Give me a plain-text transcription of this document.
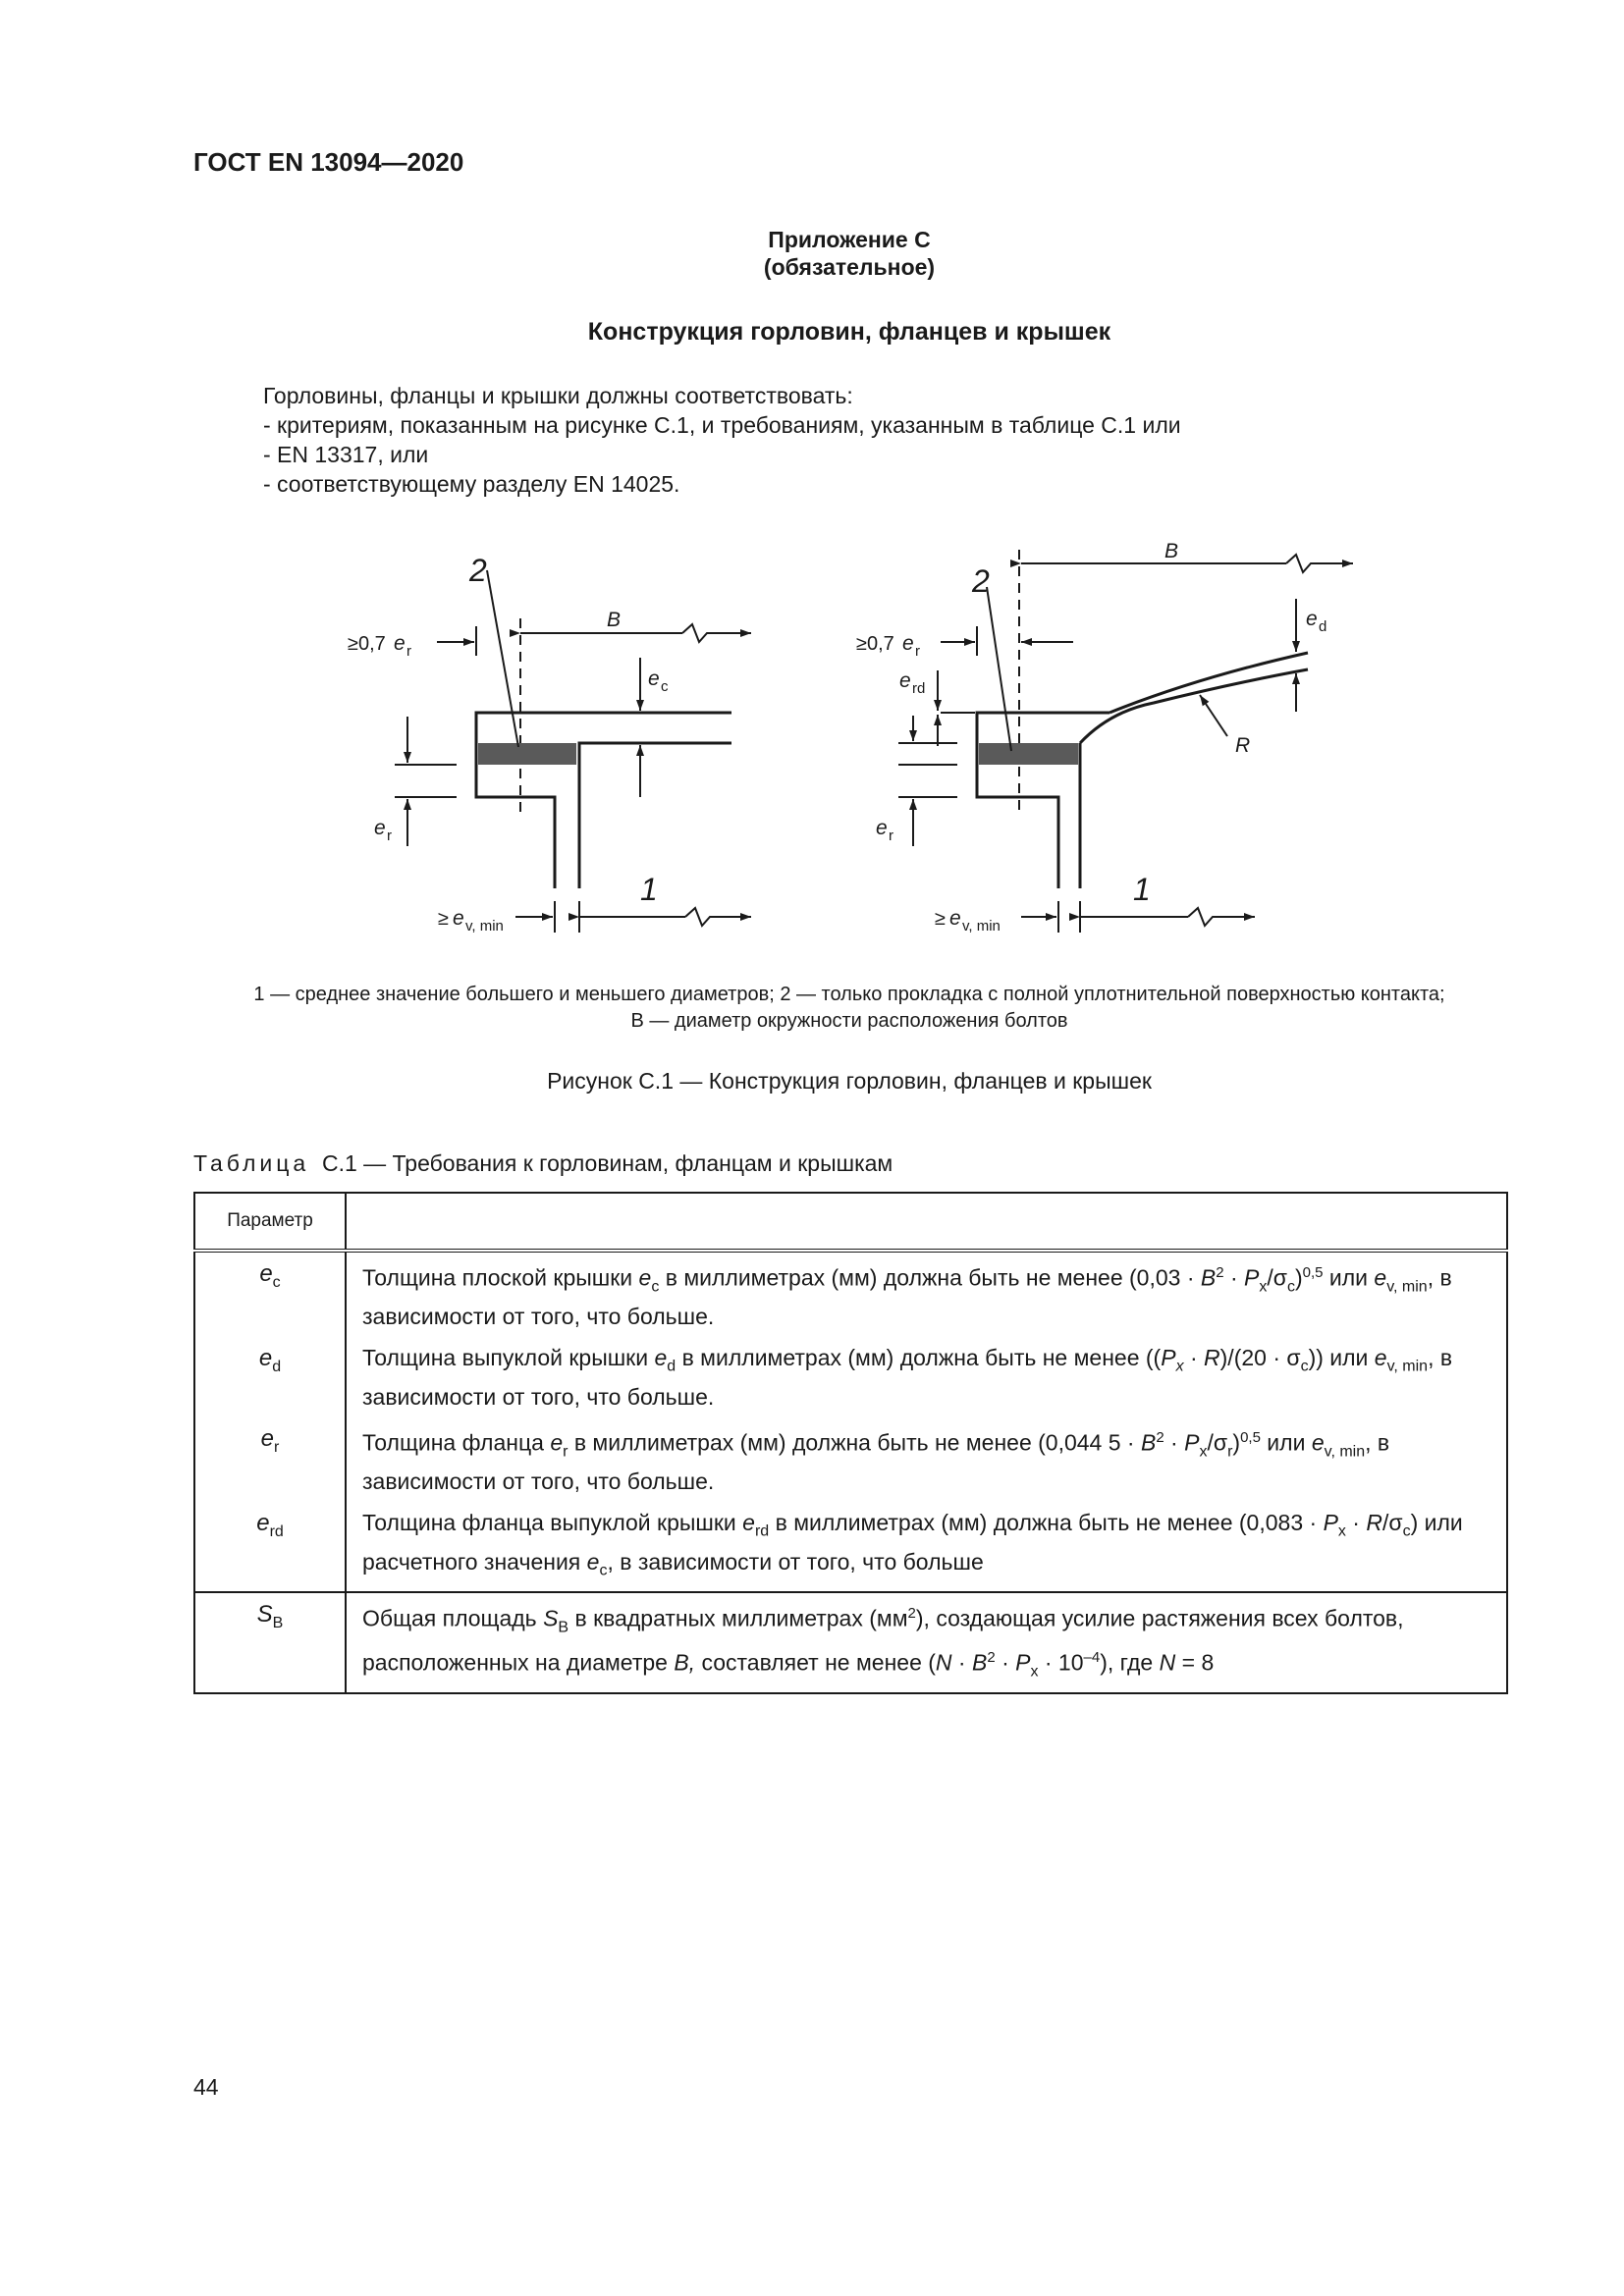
ГОСТ EN 13094—2020
Приложение С
(обязательное)
Конструкция горловин, фланцев и крышек
Горловины, фланцы и крышки должны соответствовать:
- критериям, показанным на рисунке С.1, и требованиям, указанным в таблице С.1 или
- EN 13317, или
- соответствующему разделу EN 14025.
2
B
≥0,7 e r
e c
e r
1
≥ e v, min
2
B
≥0,7 e r
e d
e rd
R
e r
1
≥ e v, min
1 — среднее значение большего и меньшего диаметров; 2 — только прокладка с полной уплотнительной поверхностью контакта;
B — диаметр окружности расположения болтов
Рисунок С.1 — Конструкция горловин, фланцев и крышек
Таблица С.1 — Требования к горловинам, фланцам и крышкам
Параметр	
$e_c$	Толщина плоской крышки $e_c$ в миллиметрах (мм) должна быть не менее $(0,03 \cdot B^2 \cdot P_x/\sigma_c)^{0,5}$ или $e_{v, min}$, в зависимости от того, что больше.
$e_d$	Толщина выпуклой крышки $e_d$ в миллиметрах (мм) должна быть не менее $((P_x \cdot R)/(20 \cdot \sigma_c))$ или $e_{v, min}$, в зависимости от того, что больше.
$e_r$	Толщина фланца $e_r$ в миллиметрах (мм) должна быть не менее (0,044 $5 \cdot B^2 \cdot P_x/\sigma_r)^{0,5}$ или $e_{v, min}$, в зависимости от того, что больше.
$e_{rd}$	Толщина фланца выпуклой крышки $e_{rd}$ в миллиметрах (мм) должна быть не менее $(0,083 \cdot P_x \cdot R/\sigma_c)$ или расчетного значения $e_c$, в зависимости от того, что больше
$S_B$	Общая площадь $S_B$ в квадратных миллиметрах $(мм^2)$, создающая усилие растяжения всех болтов, расположенных на диаметре B, составляет не менее $(N \cdot B^2 \cdot P_x \cdot 10^{-4})$, где N = 8
44
